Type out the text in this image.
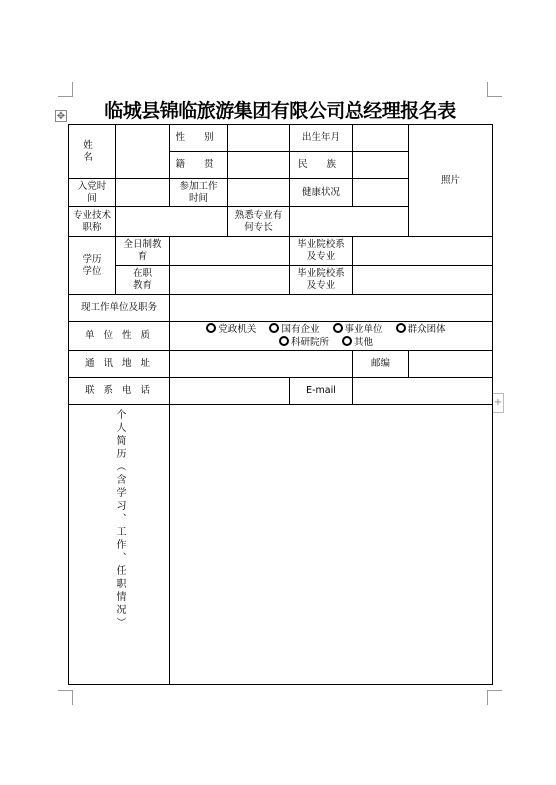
✥
+
临城县锦临旅游集团有限公司总经理报名表
姓 名		性 别		出生年月		照片
		籍 贯		民 族		

入党时间		参加工作时间		健康状况		

专业技术职称			熟悉专业有何专长			

学历学位	全日制教育			毕业院校系及专业		

	在职教育			毕业院校系及专业		

现工作单位及职务						
单 位 性 质		党政机关 国有企业 事业单位 群众团体
科研院所 其他				

通 讯 地 址					邮编	
联 系 电 话				E-mail		

个人简历（含学习、工作、任职情况）						
